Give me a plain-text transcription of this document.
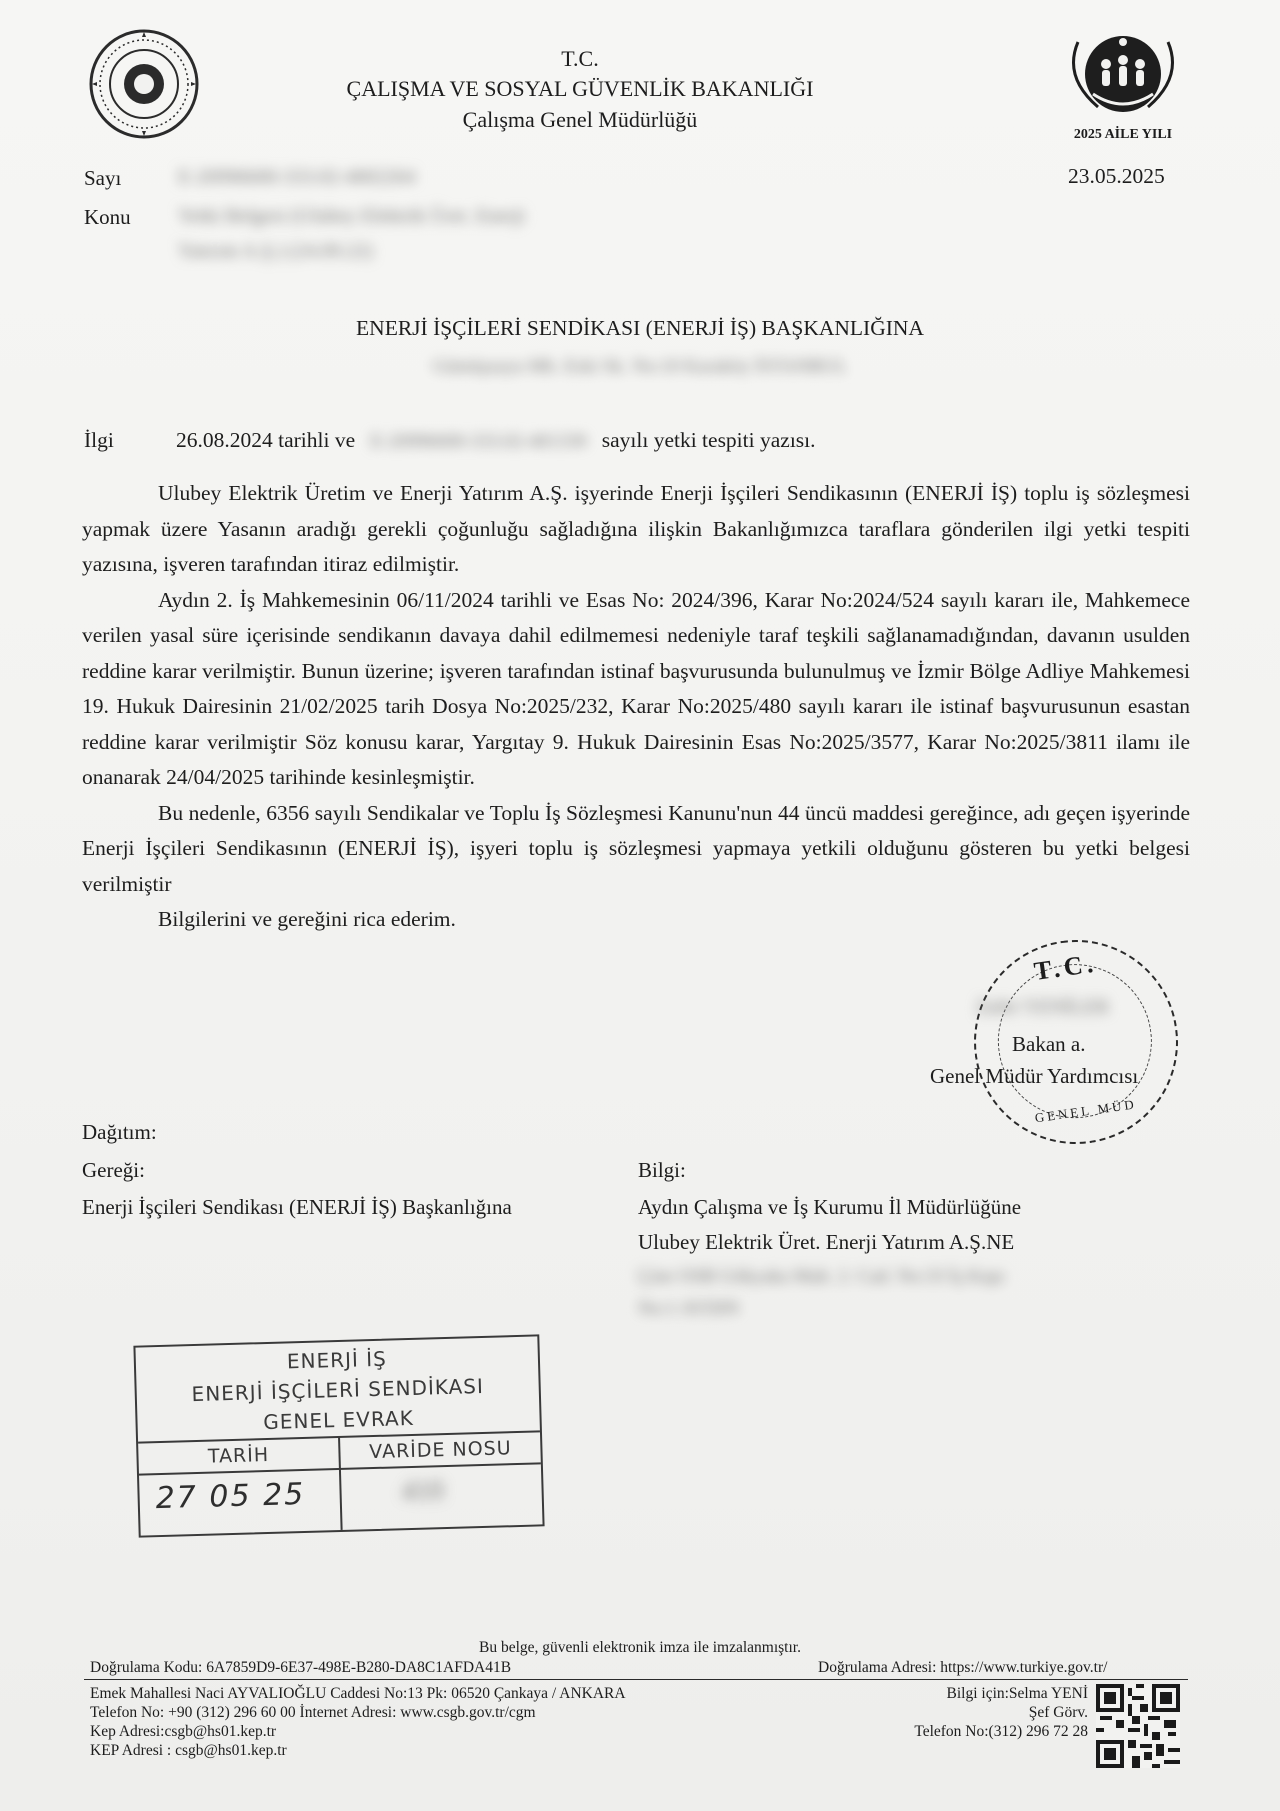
T.C.
ÇALIŞMA VE SOSYAL GÜVENLİK BAKANLIĞI
Çalışma Genel Müdürlüğü
2025 AİLE YILI
Sayı	E-20996600-333.02-4002264	23.05.2025
Konu Yetki Belgesi (Ulubey Elektrik Üret. Enerji
Yatırım A.Ş.) (24.09.22)
ENERJİ İŞÇİLERİ SENDİKASI (ENERJİ İŞ) BAŞKANLIĞINA
Gümüşsuyu Mh. Eski Sk. No:10 Karaköy İSTANBUL
İlgi	26.08.2024 tarihli ve E-20996600-333.02-401339 sayılı yetki tespiti yazısı.

Ulubey Elektrik Üretim ve Enerji Yatırım A.Ş. işyerinde Enerji İşçileri Sendikasının (ENERJİ İŞ) toplu iş sözleşmesi yapmak üzere Yasanın aradığı gerekli çoğunluğu sağladığına ilişkin Bakanlığımızca taraflara gönderilen ilgi yetki tespiti yazısına, işveren tarafından itiraz edilmiştir.

Aydın 2. İş Mahkemesinin 06/11/2024 tarihli ve Esas No: 2024/396, Karar No:2024/524 sayılı kararı ile, Mahkemece verilen yasal süre içerisinde sendikanın davaya dahil edilmemesi nedeniyle taraf teşkili sağlanamadığından, davanın usulden reddine karar verilmiştir. Bunun üzerine; işveren tarafından istinaf başvurusunda bulunulmuş ve İzmir Bölge Adliye Mahkemesi 19. Hukuk Dairesinin 21/02/2025 tarih Dosya No:2025/232, Karar No:2025/480 sayılı kararı ile istinaf başvurusunun esastan reddine karar verilmiştir Söz konusu karar, Yargıtay 9. Hukuk Dairesinin Esas No:2025/3577, Karar No:2025/3811 ilamı ile onanarak 24/04/2025 tarihinde kesinleşmiştir.

Bu nedenle, 6356 sayılı Sendikalar ve Toplu İş Sözleşmesi Kanunu'nun 44 üncü maddesi gereğince, adı geçen işyerinde Enerji İşçileri Sendikasının (ENERJİ İŞ), işyeri toplu iş sözleşmesi yapmaya yetkili olduğunu gösteren bu yetki belgesi verilmiştir

Bilgilerini ve gereğini rica ederim.

T.C.
GENEL MÜD
Zafer YENİLER
Bakan a.
Genel Müdür Yardımcısı
Dağıtım:
Gereği:
Enerji İşçileri Sendikası (ENERJİ İŞ) Başkanlığına
Bilgi:
Aydın Çalışma ve İş Kurumu İl Müdürlüğüne
Ulubey Elektrik Üret. Enerji Yatırım A.Ş.NE
Çine OSB Gökyaka Mah. 2. Cad. No:33 İş Kapı
No:1 AYDIN
ENERJİ İŞ
ENERJİ İŞÇİLERİ SENDİKASI
GENEL EVRAK
TARİH	VARİDE NOSU
27 05 25	410
Bu belge, güvenli elektronik imza ile imzalanmıştır.
Doğrulama Kodu: 6A7859D9-6E37-498E-B280-DA8C1AFDA41B	Doğrulama Adresi: https://www.turkiye.gov.tr/
Emek Mahallesi Naci AYVALIOĞLU Caddesi No:13 Pk: 06520 Çankaya / ANKARA
Telefon No: +90 (312) 296 60 00 İnternet Adresi: www.csgb.gov.tr/cgm
Kep Adresi:csgb@hs01.kep.tr
KEP Adresi : csgb@hs01.kep.tr
Bilgi için:Selma YENİ
Şef Görv.
Telefon No:(312) 296 72 28
